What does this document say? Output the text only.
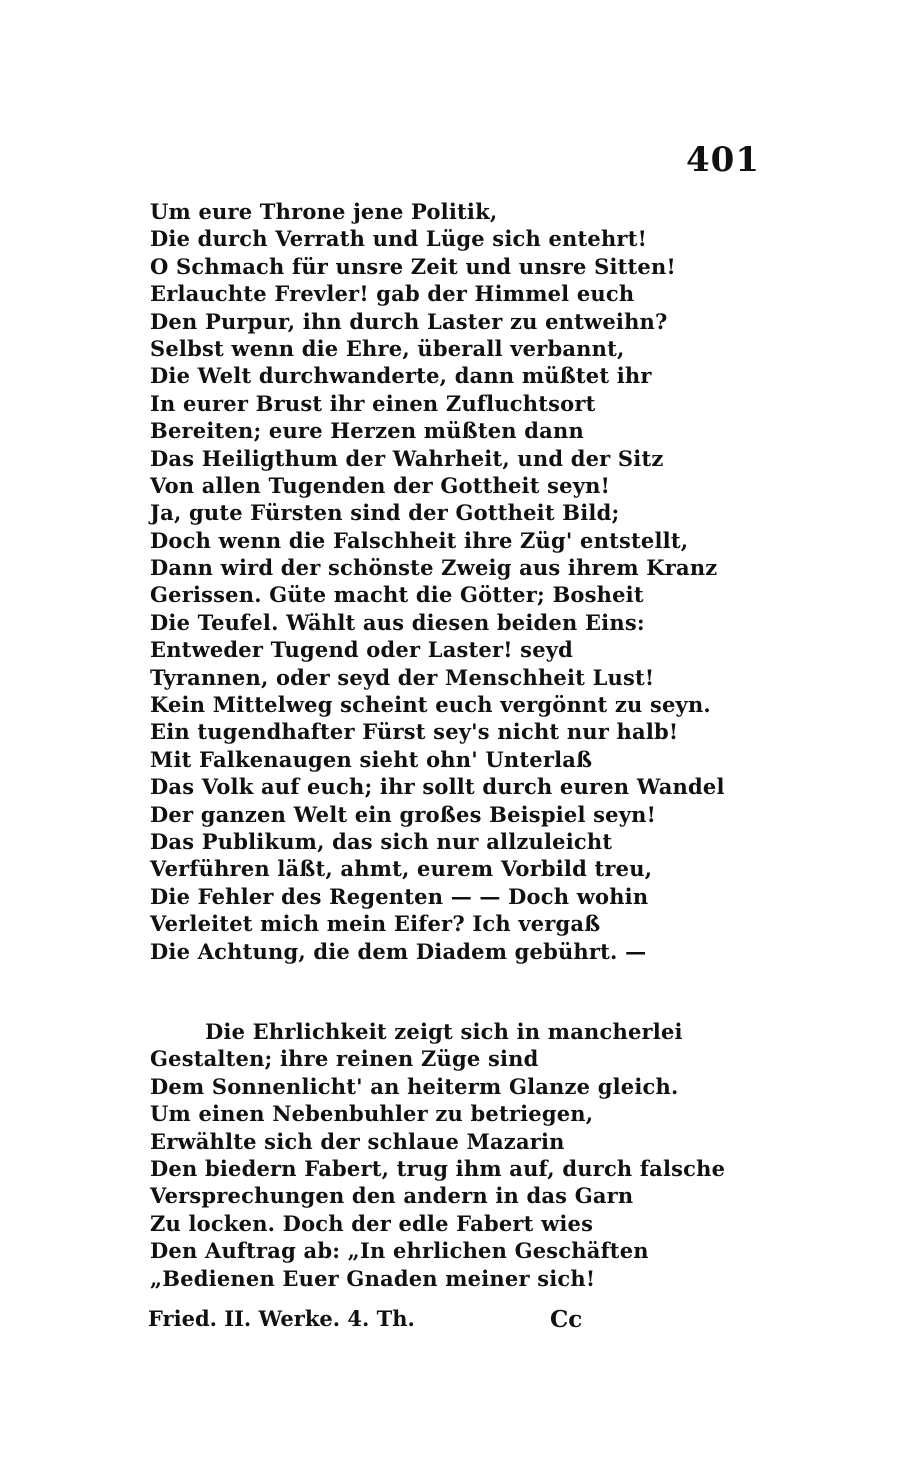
401
Um eure Throne jene Politik,
Die durch Verrath und Lüge sich entehrt!
O Schmach für unsre Zeit und unsre Sitten!
Erlauchte Frevler! gab der Himmel euch
Den Purpur, ihn durch Laster zu entweihn?
Selbst wenn die Ehre, überall verbannt,
Die Welt durchwanderte, dann müßtet ihr
In eurer Brust ihr einen Zufluchtsort
Bereiten; eure Herzen müßten dann
Das Heiligthum der Wahrheit, und der Sitz
Von allen Tugenden der Gottheit seyn!
Ja, gute Fürsten sind der Gottheit Bild;
Doch wenn die Falschheit ihre Züg' entstellt,
Dann wird der schönste Zweig aus ihrem Kranz
Gerissen. Güte macht die Götter; Bosheit
Die Teufel. Wählt aus diesen beiden Eins:
Entweder Tugend oder Laster! seyd
Tyrannen, oder seyd der Menschheit Lust!
Kein Mittelweg scheint euch vergönnt zu seyn.
Ein tugendhafter Fürst sey's nicht nur halb!
Mit Falkenaugen sieht ohn' Unterlaß
Das Volk auf euch; ihr sollt durch euren Wandel
Der ganzen Welt ein großes Beispiel seyn!
Das Publikum, das sich nur allzuleicht
Verführen läßt, ahmt, eurem Vorbild treu,
Die Fehler des Regenten — — Doch wohin
Verleitet mich mein Eifer? Ich vergaß
Die Achtung, die dem Diadem gebührt. —
Die Ehrlichkeit zeigt sich in mancherlei
Gestalten; ihre reinen Züge sind
Dem Sonnenlicht' an heiterm Glanze gleich.
Um einen Nebenbuhler zu betriegen,
Erwählte sich der schlaue Mazarin
Den biedern Fabert, trug ihm auf, durch falsche
Versprechungen den andern in das Garn
Zu locken. Doch der edle Fabert wies
Den Auftrag ab: „In ehrlichen Geschäften
„Bedienen Euer Gnaden meiner sich!
Fried. II. Werke. 4. Th.	Cc
